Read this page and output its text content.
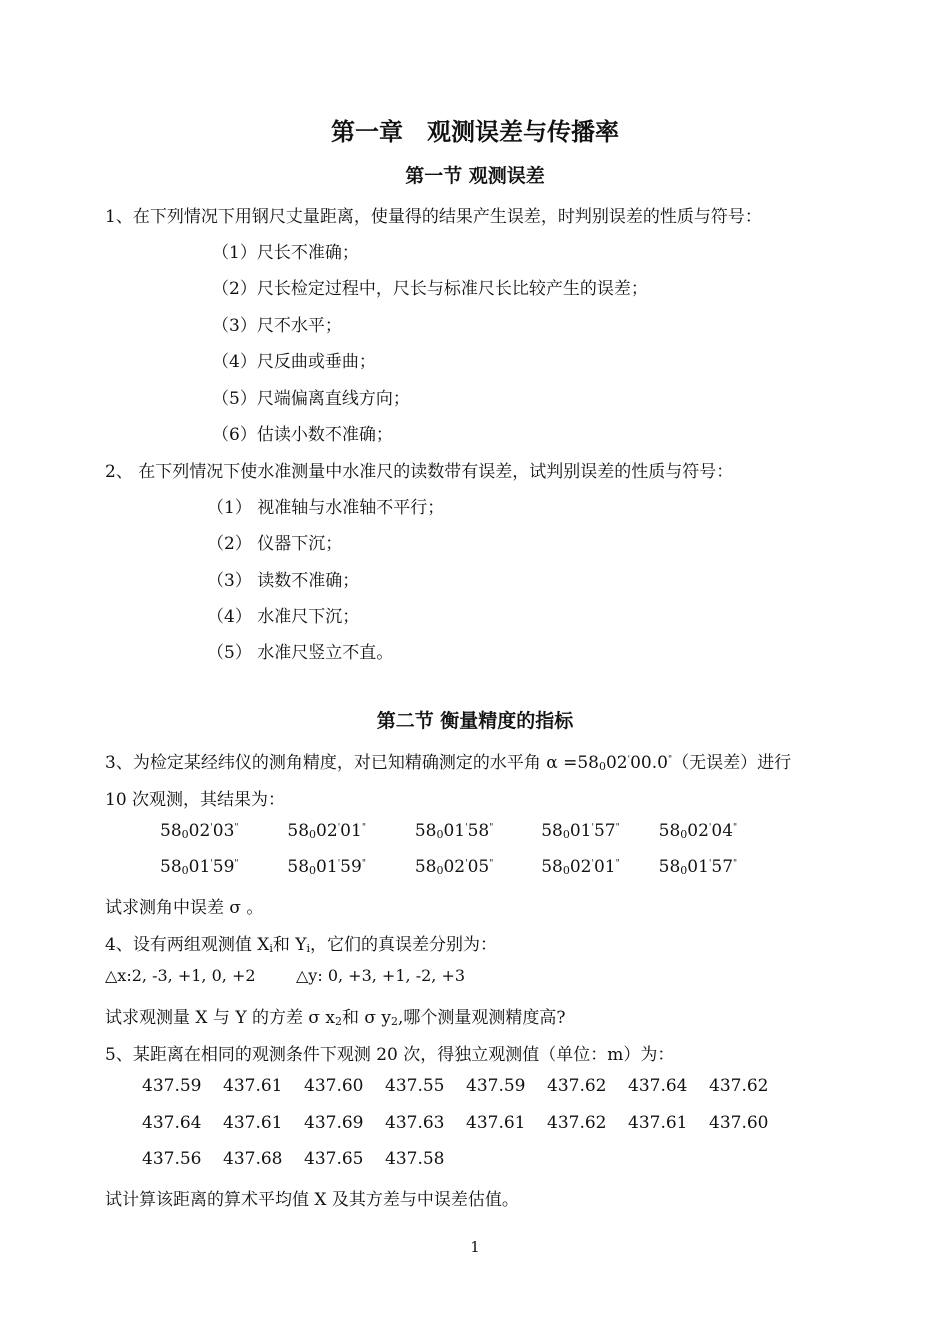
第一章 观测误差与传播率
第一节 观测误差
1、在下列情况下用钢尺丈量距离，使量得的结果产生误差，时判别误差的性质与符号：
（1）尺长不准确；
（2）尺长检定过程中，尺长与标准尺长比较产生的误差；
（3）尺不水平；
（4）尺反曲或垂曲；
（5）尺端偏离直线方向；
（6）估读小数不准确；
2、 在下列情况下使水准测量中水准尺的读数带有误差，试判别误差的性质与符号：
（1） 视准轴与水准轴不平行；
（2） 仪器下沉；
（3） 读数不准确；
（4） 水准尺下沉；
（5） 水准尺竖立不直。
第二节 衡量精度的指标
3、为检定某经纬仪的测角精度，对已知精确测定的水平角 α =58002'00.0"（无误差）进行
10 次观测，其结果为：
58002'03"	58002'01"	58001'58"	58001'57" 58002'04"
58001'59"	58001'59"	58002'05"	58002'01" 58001'57"
试求测角中误差 σ 。
4、设有两组观测值 Xi和 Yi，它们的真误差分别为：
△x:2, -3, +1, 0, +2	△y: 0, +3, +1, -2, +3
试求观测量 X 与 Y 的方差 σ x2和 σ y2,哪个测量观测精度高?
5、某距离在相同的观测条件下观测 20 次，得独立观测值（单位：m）为：
437.59 437.61 437.60 437.55 437.59 437.62 437.64 437.62
437.64 437.61 437.69 437.63 437.61 437.62 437.61 437.60
437.56 437.68 437.65 437.58
试计算该距离的算术平均值 X 及其方差与中误差估值。
1
